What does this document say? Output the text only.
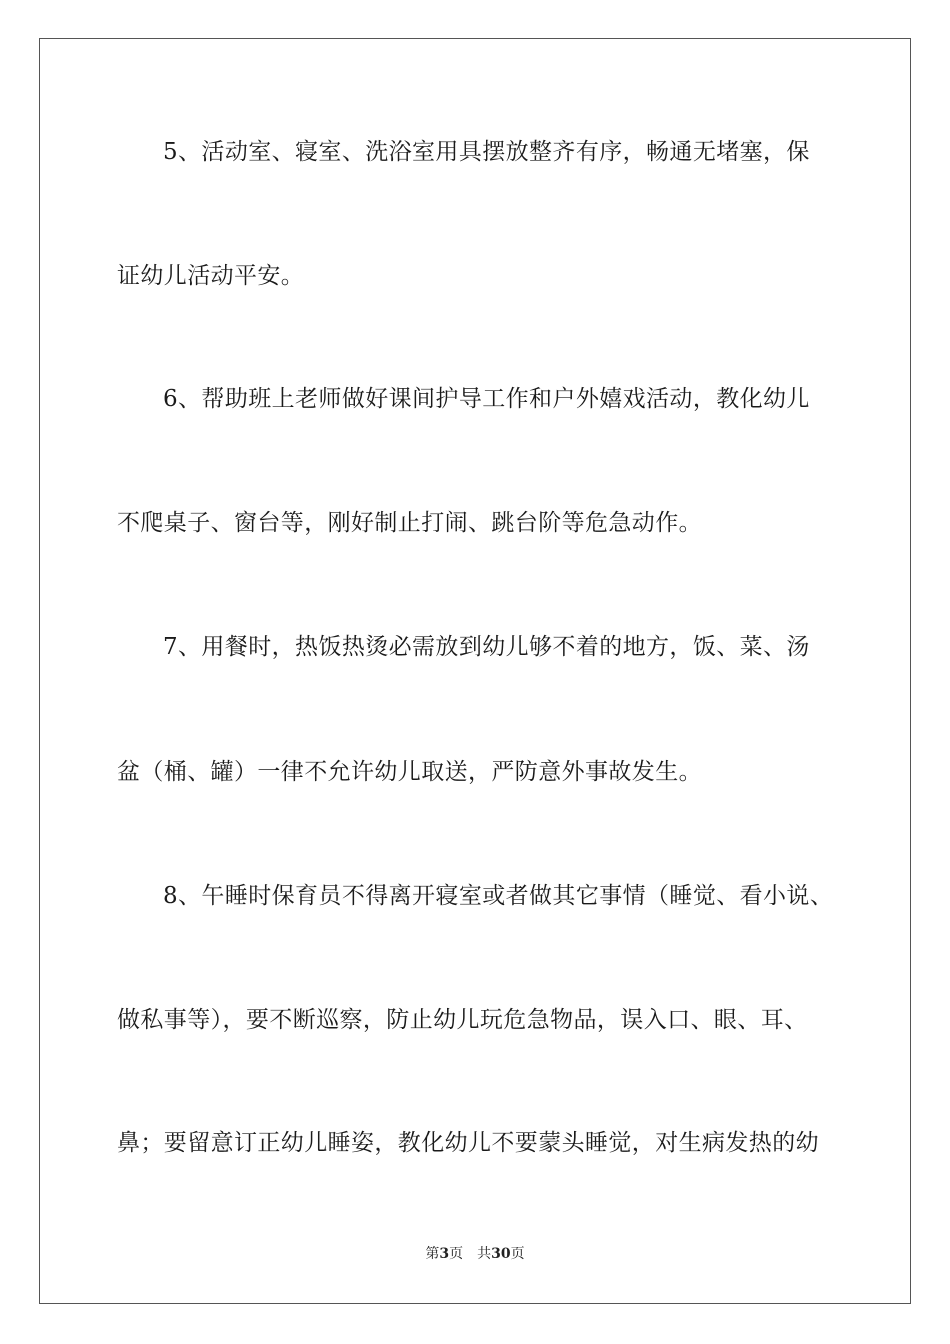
5、活动室、寝室、洗浴室用具摆放整齐有序，畅通无堵塞，保
证幼儿活动平安。
6、帮助班上老师做好课间护导工作和户外嬉戏活动，教化幼儿
不爬桌子、窗台等，刚好制止打闹、跳台阶等危急动作。
7、用餐时，热饭热烫必需放到幼儿够不着的地方，饭、菜、汤
盆（桶、罐）一律不允许幼儿取送，严防意外事故发生。
8、午睡时保育员不得离开寝室或者做其它事情（睡觉、看小说、
做私事等），要不断巡察，防止幼儿玩危急物品，误入口、眼、耳、
鼻；要留意订正幼儿睡姿，教化幼儿不要蒙头睡觉，对生病发热的幼
第3页 共30页
